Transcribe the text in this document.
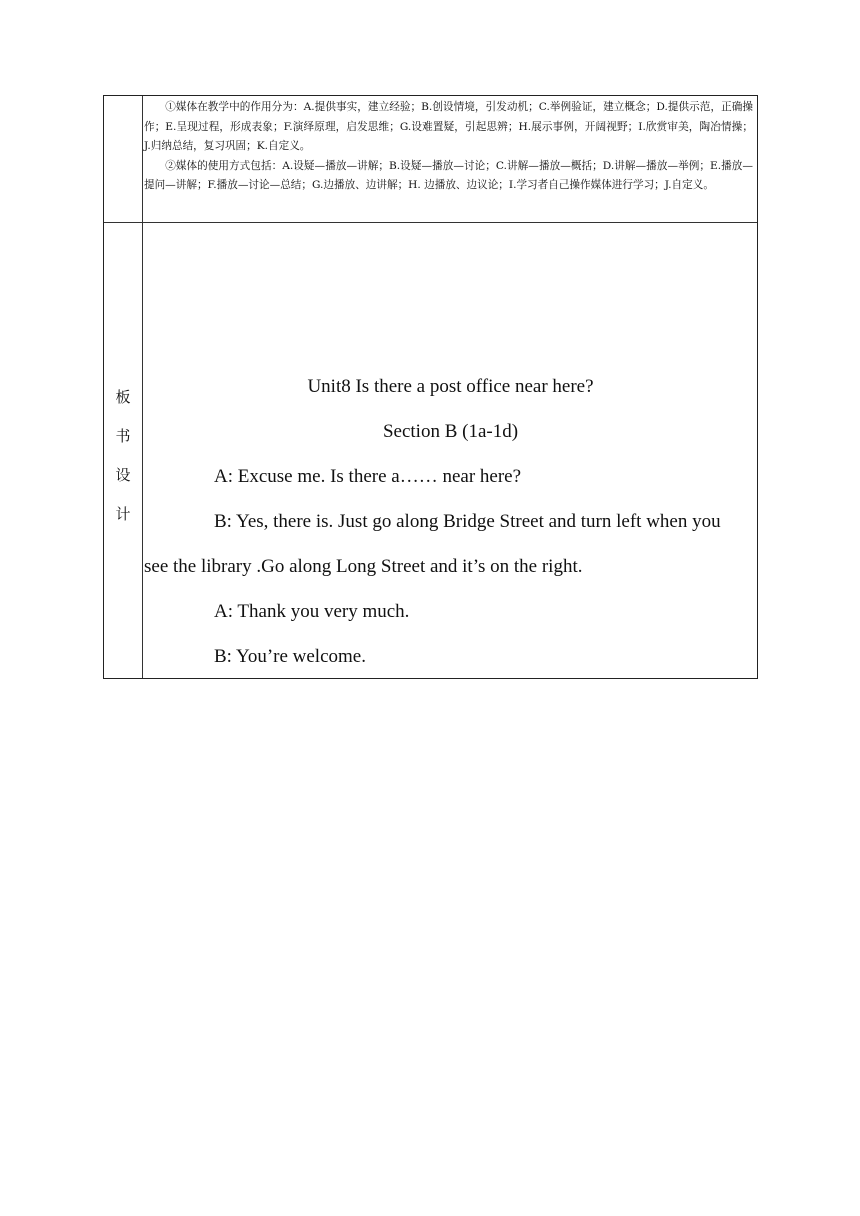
①媒体在教学中的作用分为：A.提供事实，建立经验；B.创设情境，引发动机；C.举例验证，建立概念；D.提供示范，正确操作；E.呈现过程，形成表象；F.演绎原理，启发思维；G.设难置疑，引起思辨；H.展示事例，开阔视野；I.欣赏审美，陶冶情操；J.归纳总结，复习巩固；K.自定义。

②媒体的使用方式包括：A.设疑—播放—讲解；B.设疑—播放—讨论；C.讲解—播放—概括；D.讲解—播放—举例；E.播放—提问—讲解；F.播放—讨论—总结；G.边播放、边讲解；H. 边播放、边议论；I.学习者自己操作媒体进行学习；J.自定义。

板
书
设
计
Unit8 Is there a post office near here?
Section B (1a-1d)
A: Excuse me. Is there a…… near here?
B: Yes, there is. Just go along Bridge Street and turn left when you
see the library .Go along Long Street and it’s on the right.
A: Thank you very much.
B: You’re welcome.
